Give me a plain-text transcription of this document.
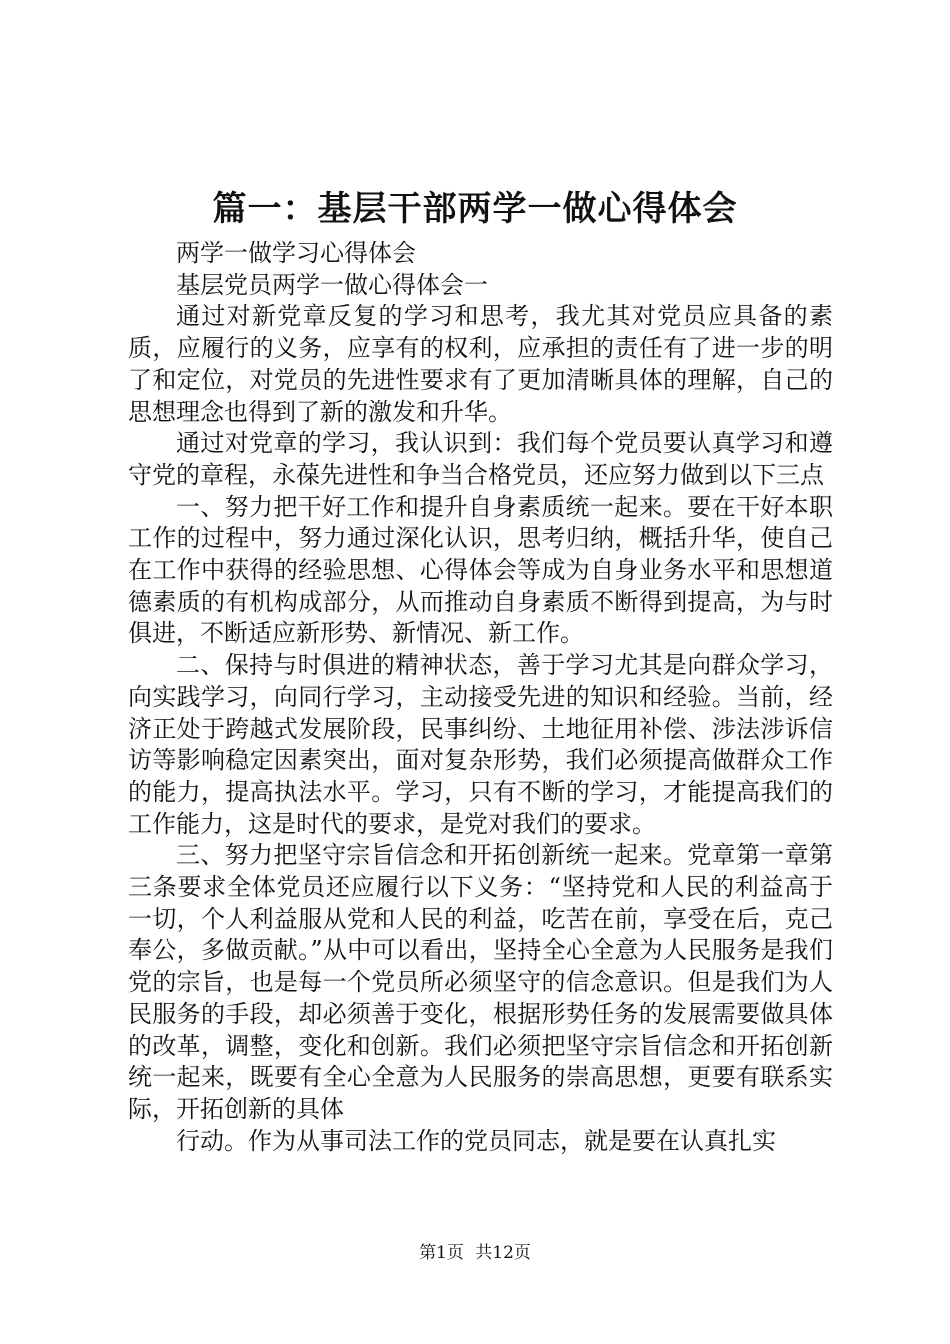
篇一：基层干部两学一做心得体会

两学一做学习心得体会

基层党员两学一做心得体会一

通过对新党章反复的学习和思考，我尤其对党员应具备的素质，应履行的义务，应享有的权利，应承担的责任有了进一步的明了和定位，对党员的先进性要求有了更加清晰具体的理解，自己的思想理念也得到了新的激发和升华。

通过对党章的学习，我认识到：我们每个党员要认真学习和遵守党的章程，永葆先进性和争当合格党员，还应努力做到以下三点

一、努力把干好工作和提升自身素质统一起来。要在干好本职工作的过程中，努力通过深化认识，思考归纳，概括升华，使自己在工作中获得的经验思想、心得体会等成为自身业务水平和思想道德素质的有机构成部分，从而推动自身素质不断得到提高，为与时俱进，不断适应新形势、新情况、新工作。

二、保持与时俱进的精神状态，善于学习尤其是向群众学习，向实践学习，向同行学习，主动接受先进的知识和经验。当前，经济正处于跨越式发展阶段，民事纠纷、土地征用补偿、涉法涉诉信访等影响稳定因素突出，面对复杂形势，我们必须提高做群众工作的能力，提高执法水平。学习，只有不断的学习，才能提高我们的工作能力，这是时代的要求，是党对我们的要求。

三、努力把坚守宗旨信念和开拓创新统一起来。党章第一章第三条要求全体党员还应履行以下义务：“坚持党和人民的利益高于一切，个人利益服从党和人民的利益，吃苦在前，享受在后，克己奉公，多做贡献。”从中可以看出，坚持全心全意为人民服务是我们党的宗旨，也是每一个党员所必须坚守的信念意识。但是我们为人民服务的手段，却必须善于变化，根据形势任务的发展需要做具体的改革，调整，变化和创新。我们必须把坚守宗旨信念和开拓创新统一起来，既要有全心全意为人民服务的崇高思想，更要有联系实际，开拓创新的具体

行动。作为从事司法工作的党员同志，就是要在认真扎实

第1页 共12页
